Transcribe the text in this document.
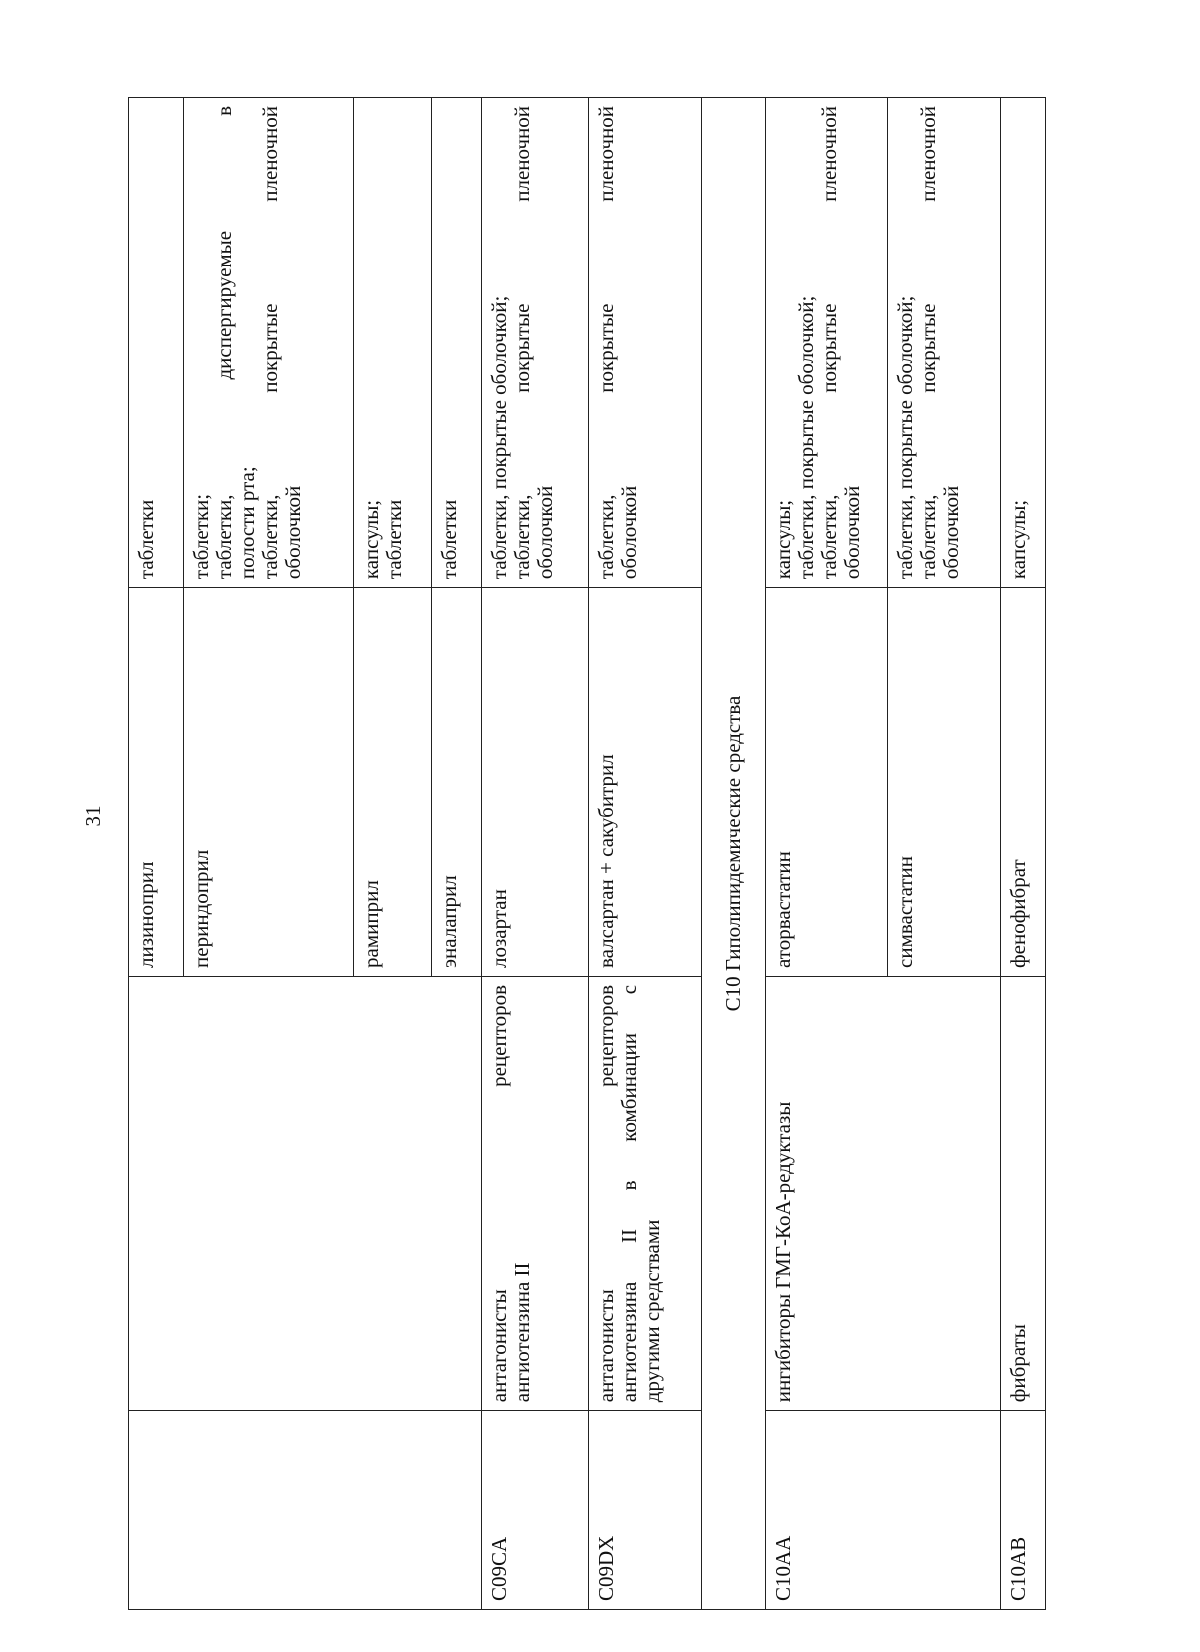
31

		лизиноприл	таблетки

		периндоприл	таблетки; таблетки, диспергируемые в полости рта; таблетки, покрытые пленочной оболочкой

		рамиприл	капсулы; таблетки

		эналаприл	таблетки

C09CA	антагонисты рецепторов ангиотензина II	лозартан	таблетки, покрытые оболочкой; таблетки, покрытые пленочной оболочкой

C09DX	антагонисты рецепторов ангиотензина II в комбинации с другими средствами	валсартан + сакубитрил	таблетки, покрытые пленочной оболочкой

C10 Гиполипидемические средства			

C10AA	ингибиторы ГМГ-КоА-редуктазы	аторвастатин	капсулы; таблетки, покрытые оболочкой; таблетки, покрытые пленочной оболочкой

		симвастатин	таблетки, покрытые оболочкой; таблетки, покрытые пленочной оболочкой

C10AB	фибраты	фенофибрат	капсулы;
